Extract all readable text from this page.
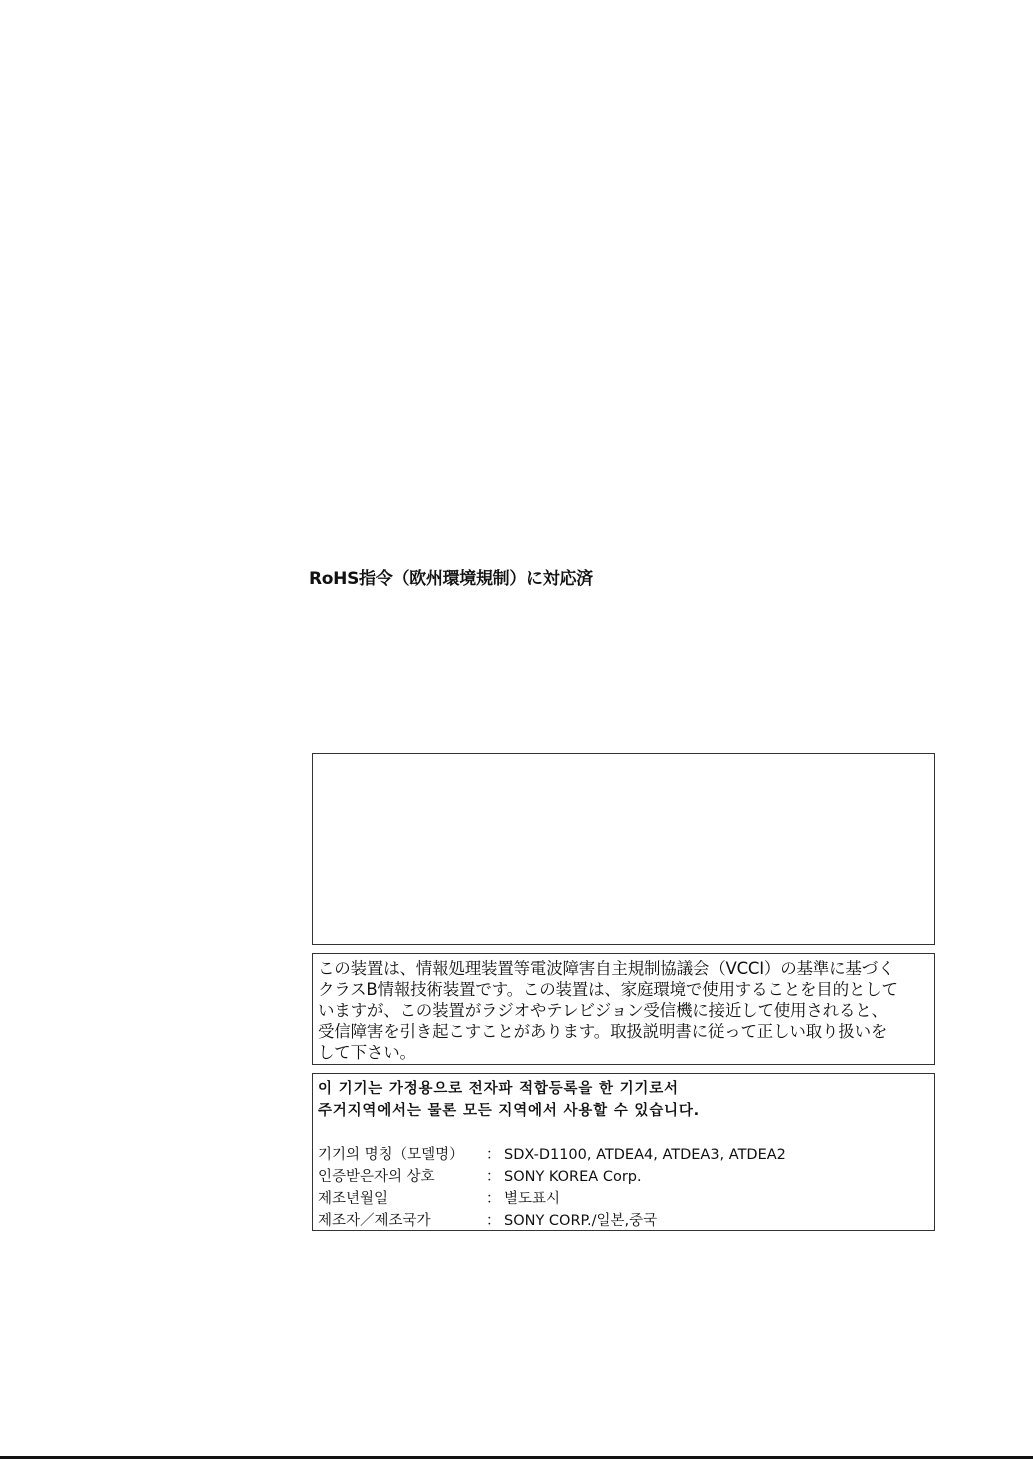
RoHS指令（欧州環境規制）に対応済
この装置は、情報処理装置等電波障害自主規制協議会（VCCI）の基準に基づく
クラスB情報技術装置です。この装置は、家庭環境で使用することを目的として
いますが、この装置がラジオやテレビジョン受信機に接近して使用されると、
受信障害を引き起こすことがあります。取扱説明書に従って正しい取り扱いを
して下さい。
이 기기는 가정용으로 전자파 적합등록을 한 기기로서
주거지역에서는 물론 모든 지역에서 사용할 수 있습니다.
기기의 명칭（모델명）	： SDX-D1100, ATDEA4, ATDEA3, ATDEA2
인증받은자의 상호	： SONY KOREA Corp.
제조년월일	： 별도표시
제조자／제조국가	： SONY CORP./일본,중국
